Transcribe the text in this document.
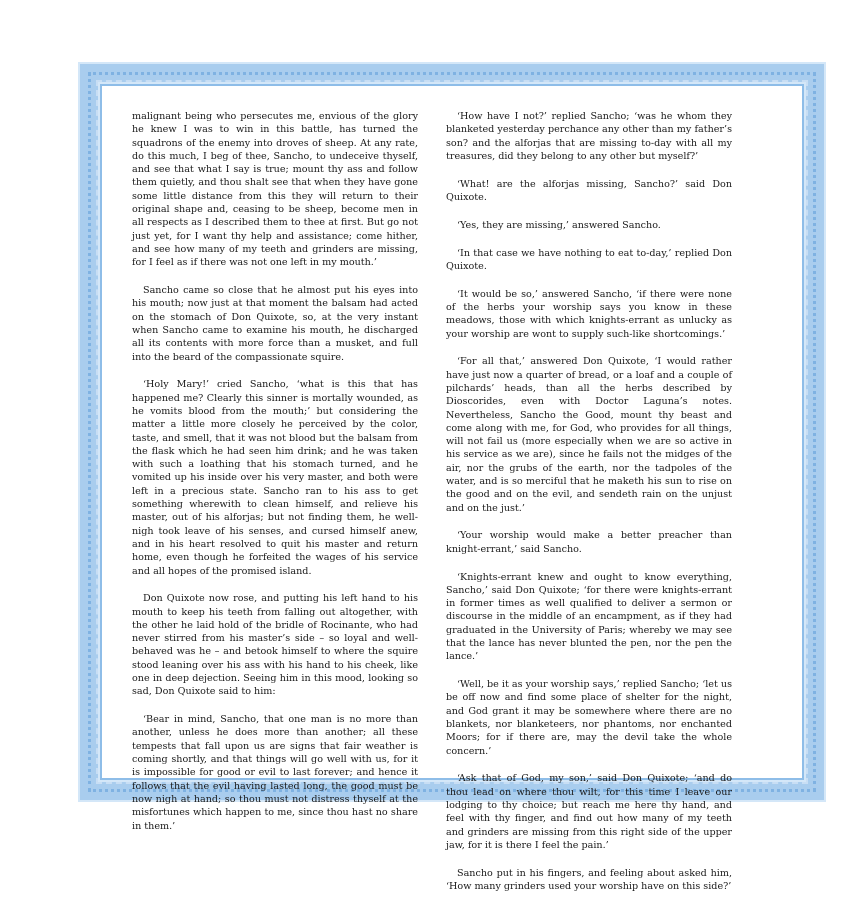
malignant being who persecutes me, envious of the glory he knew I was to win in this battle, has turned the squadrons of the enemy into droves of sheep. At any rate, do this much, I beg of thee, Sancho, to undeceive thyself, and see that what I say is true; mount thy ass and follow them quietly, and thou shalt see that when they have gone some little distance from this they will return to their original shape and, ceasing to be sheep, become men in all respects as I described them to thee at first. But go not just yet, for I want thy help and assistance; come hither, and see how many of my teeth and grinders are missing, for I feel as if there was not one left in my mouth.’

Sancho came so close that he almost put his eyes into his mouth; now just at that moment the balsam had acted on the stomach of Don Quixote, so, at the very instant when Sancho came to examine his mouth, he discharged all its contents with more force than a musket, and full into the beard of the compassionate squire.

‘Holy Mary!’ cried Sancho, ‘what is this that has happened me? Clearly this sinner is mortally wounded, as he vomits blood from the mouth;’ but considering the matter a little more closely he perceived by the color, taste, and smell, that it was not blood but the balsam from the flask which he had seen him drink; and he was taken with such a loathing that his stomach turned, and he vomited up his inside over his very master, and both were left in a precious state. Sancho ran to his ass to get something wherewith to clean himself, and relieve his master, out of his alforjas; but not finding them, he well-nigh took leave of his senses, and cursed himself anew, and in his heart resolved to quit his master and return home, even though he forfeited the wages of his service and all hopes of the promised island.

Don Quixote now rose, and putting his left hand to his mouth to keep his teeth from falling out altogether, with the other he laid hold of the bridle of Rocinante, who had never stirred from his master’s side – so loyal and well-behaved was he – and betook himself to where the squire stood leaning over his ass with his hand to his cheek, like one in deep dejection. Seeing him in this mood, looking so sad, Don Quixote said to him:

‘Bear in mind, Sancho, that one man is no more than another, unless he does more than another; all these tempests that fall upon us are signs that fair weather is coming shortly, and that things will go well with us, for it is impossible for good or evil to last forever; and hence it follows that the evil having lasted long, the good must be now nigh at hand; so thou must not distress thyself at the misfortunes which happen to me, since thou hast no share in them.’

‘How have I not?’ replied Sancho; ‘was he whom they blanketed yesterday perchance any other than my father’s son? and the alforjas that are missing to-day with all my treasures, did they belong to any other but myself?’

‘What! are the alforjas missing, Sancho?’ said Don Quixote.

‘Yes, they are missing,’ answered Sancho.

‘In that case we have nothing to eat to-day,’ replied Don Quixote.

‘It would be so,’ answered Sancho, ‘if there were none of the herbs your worship says you know in these meadows, those with which knights-errant as unlucky as your worship are wont to supply such-like shortcomings.’

‘For all that,’ answered Don Quixote, ‘I would rather have just now a quarter of bread, or a loaf and a couple of pilchards’ heads, than all the herbs described by Dioscorides, even with Doctor Laguna’s notes. Nevertheless, Sancho the Good, mount thy beast and come along with me, for God, who provides for all things, will not fail us (more especially when we are so active in his service as we are), since he fails not the midges of the air, nor the grubs of the earth, nor the tadpoles of the water, and is so merciful that he maketh his sun to rise on the good and on the evil, and sendeth rain on the unjust and on the just.’

‘Your worship would make a better preacher than knight-errant,’ said Sancho.

‘Knights-errant knew and ought to know everything, Sancho,’ said Don Quixote; ‘for there were knights-errant in former times as well qualified to deliver a sermon or discourse in the middle of an encampment, as if they had graduated in the University of Paris; whereby we may see that the lance has never blunted the pen, nor the pen the lance.’

‘Well, be it as your worship says,’ replied Sancho; ‘let us be off now and find some place of shelter for the night, and God grant it may be somewhere where there are no blankets, nor blanketeers, nor phantoms, nor enchanted Moors; for if there are, may the devil take the whole concern.’

‘Ask that of God, my son,’ said Don Quixote; ‘and do thou lead on where thou wilt, for this time I leave our lodging to thy choice; but reach me here thy hand, and feel with thy finger, and find out how many of my teeth and grinders are missing from this right side of the upper jaw, for it is there I feel the pain.’

Sancho put in his fingers, and feeling about asked him, ‘How many grinders used your worship have on this side?’
